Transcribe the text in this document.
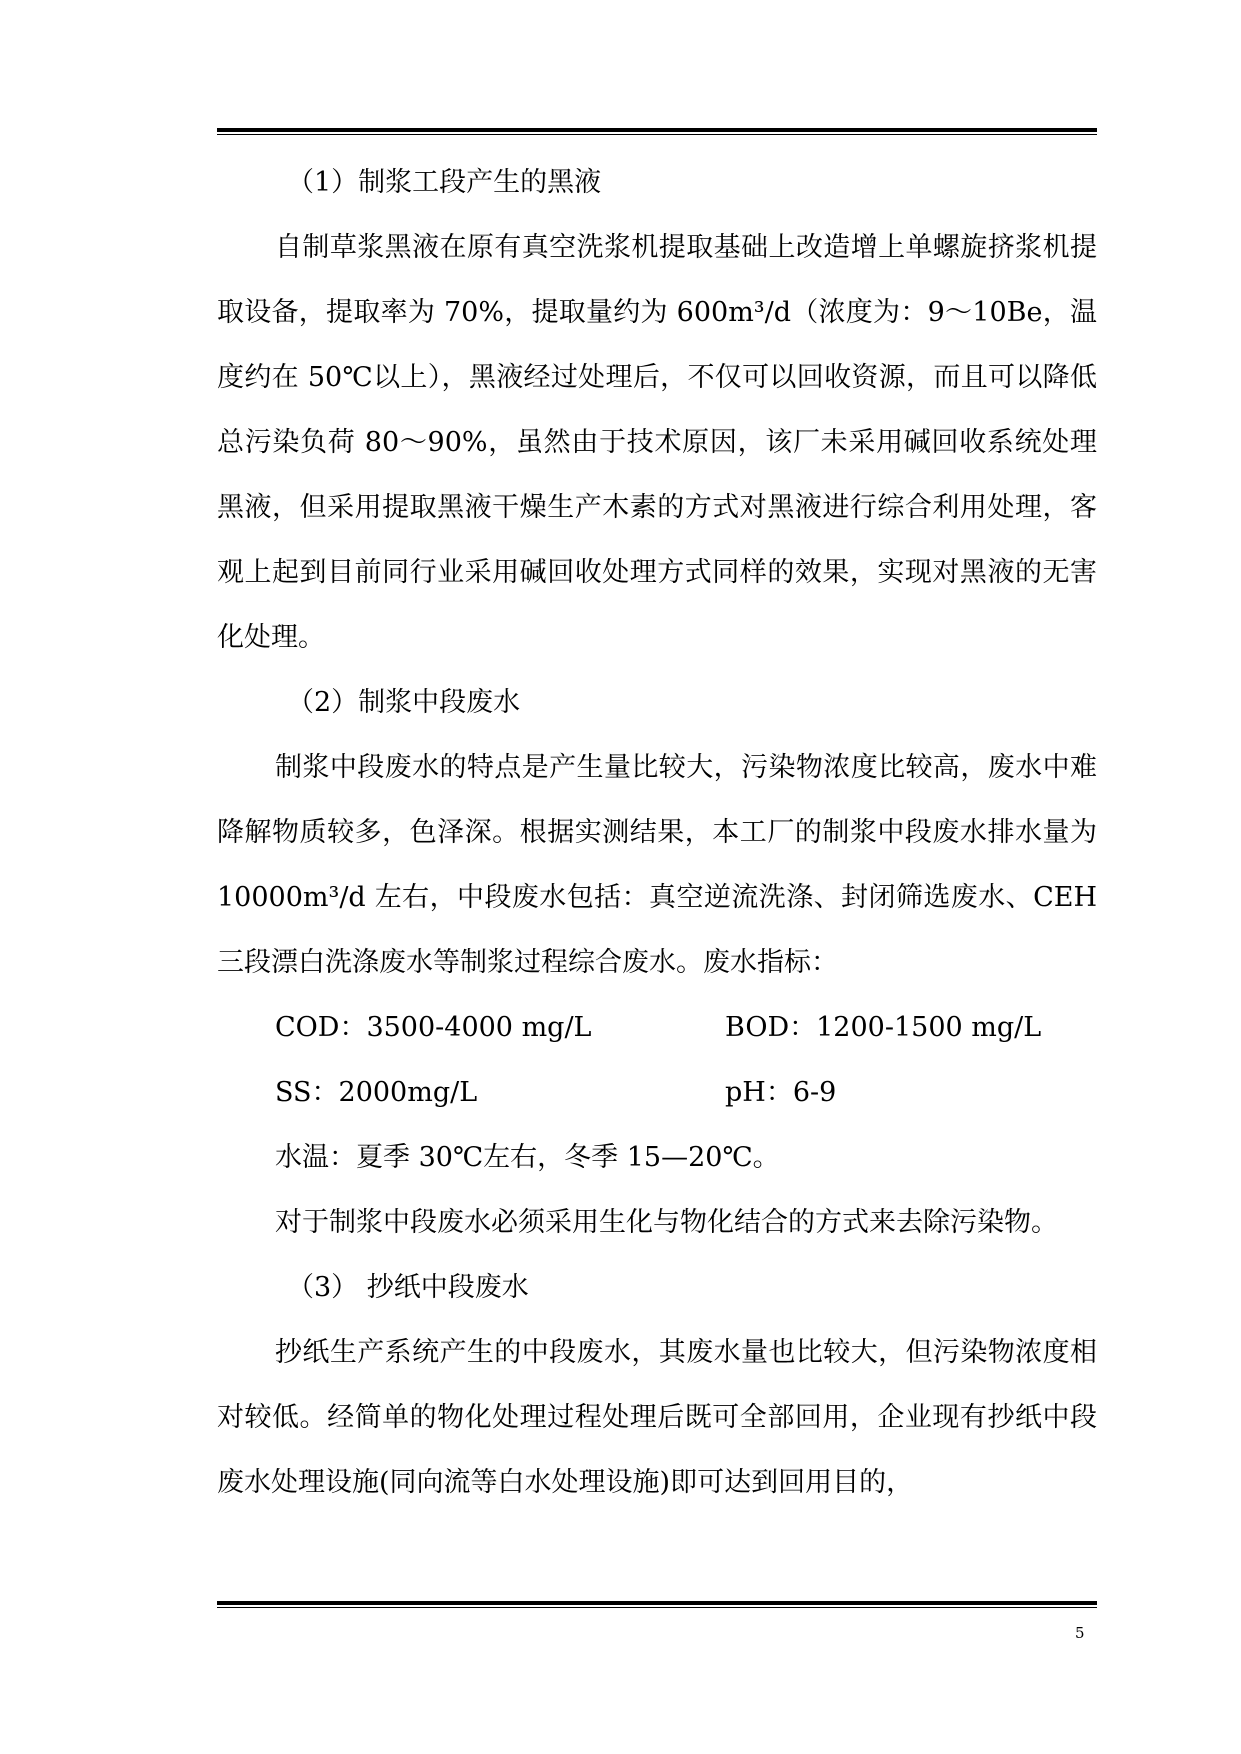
（1）制浆工段产生的黑液

自制草浆黑液在原有真空洗浆机提取基础上改造增上单螺旋挤浆机提取设备，提取率为 70%，提取量约为 600m³/d（浓度为：9～10Be，温度约在 50℃以上），黑液经过处理后，不仅可以回收资源，而且可以降低总污染负荷 80～90%，虽然由于技术原因，该厂未采用碱回收系统处理黑液，但采用提取黑液干燥生产木素的方式对黑液进行综合利用处理，客观上起到目前同行业采用碱回收处理方式同样的效果，实现对黑液的无害化处理。

（2）制浆中段废水

制浆中段废水的特点是产生量比较大，污染物浓度比较高，废水中难降解物质较多，色泽深。根据实测结果，本工厂的制浆中段废水排水量为 10000m³/d 左右，中段废水包括：真空逆流洗涤、封闭筛选废水、CEH 三段漂白洗涤废水等制浆过程综合废水。废水指标：

COD：3500-4000 mg/L	BOD：1200-1500 mg/L
SS：2000mg/L	pH：6-9

水温：夏季 30℃左右，冬季 15—20℃。

对于制浆中段废水必须采用生化与物化结合的方式来去除污染物。

（3） 抄纸中段废水

抄纸生产系统产生的中段废水，其废水量也比较大，但污染物浓度相对较低。经简单的物化处理过程处理后既可全部回用，企业现有抄纸中段废水处理设施(同向流等白水处理设施)即可达到回用目的，

5
